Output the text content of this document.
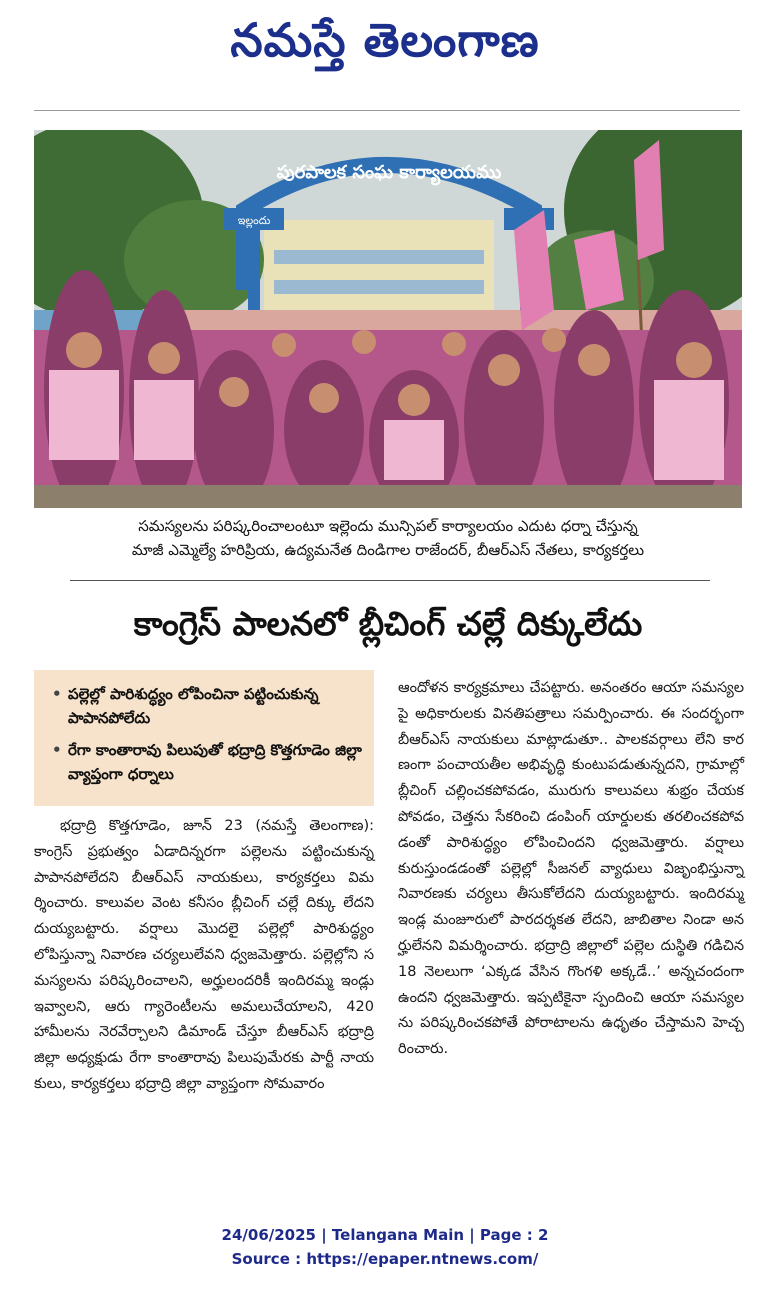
నమస్తే తెలంగాణ
పురపాలక సంఘ కార్యాలయము
ఇల్లందు
సమస్యలను పరిష్కరించాలంటూ ఇల్లెందు మున్సిపల్ కార్యాలయం ఎదుట ధర్నా చేస్తున్న
మాజీ ఎమ్మెల్యే హరిప్రియ, ఉద్యమనేత దిండిగాల రాజేందర్, బీఆర్ఎస్ నేతలు, కార్యకర్తలు
కాంగ్రెస్ పాలనలో బ్లీచింగ్ చల్లే దిక్కులేదు
• పల్లెల్లో పారిశుద్ధ్యం లోపించినా పట్టించుకున్న పాపానపోలేదు
• రేగా కాంతారావు పిలుపుతో భద్రాద్రి కొత్తగూడెం జిల్లా వ్యాప్తంగా ధర్నాలు
భద్రాద్రి కొత్తగూడెం, జూన్ 23 (నమస్తే తెలంగాణ): కాంగ్రెస్ ప్రభుత్వం ఏడాదిన్నరగా పల్లెలను పట్టించుకున్న పాపానపోలేదని బీఆర్ఎస్ నాయకులు, కార్యకర్తలు విమర్శించారు. కాలువల వెంట కనీసం బ్లీచింగ్ చల్లే దిక్కు లేదని దుయ్యబట్టారు. వర్షాలు మొదలై పల్లెల్లో పారిశుద్ధ్యం లోపిస్తున్నా నివారణ చర్యలులేవని ధ్వజమెత్తారు. పల్లెల్లోని సమస్యలను పరిష్కరించాలని, అర్హులందరికీ ఇందిరమ్మ ఇండ్లు ఇవ్వాలని, ఆరు గ్యారెంటీలను అమలుచేయాలని, 420 హామీలను నెరవేర్చాలని డిమాండ్ చేస్తూ బీఆర్ఎస్ భద్రాద్రి జిల్లా అధ్యక్షుడు రేగా కాంతారావు పిలుపుమేరకు పార్టీ నాయకులు, కార్యకర్తలు భద్రాద్రి జిల్లా వ్యాప్తంగా సోమవారం
ఆందోళన కార్యక్రమాలు చేపట్టారు. అనంతరం ఆయా సమస్యలపై అధికారులకు వినతిపత్రాలు సమర్పించారు. ఈ సందర్భంగా బీఆర్ఎస్ నాయకులు మాట్లాడుతూ.. పాలకవర్గాలు లేని కారణంగా పంచాయతీల అభివృద్ధి కుంటుపడుతున్నదని, గ్రామాల్లో బ్లీచింగ్ చల్లించకపోవడం, మురుగు కాలువలు శుభ్రం చేయకపోవడం, చెత్తను సేకరించి డంపింగ్ యార్డులకు తరలించకపోవడంతో పారిశుద్ధ్యం లోపించిందని ధ్వజమెత్తారు. వర్షాలు కురుస్తుండడంతో పల్లెల్లో సీజనల్ వ్యాధులు విజృంభిస్తున్నా నివారణకు చర్యలు తీసుకోలేదని దుయ్యబట్టారు. ఇందిరమ్మ ఇండ్ల మంజూరులో పారదర్శకత లేదని, జాబితాల నిండా అనర్హులేనని విమర్శించారు. భద్రాద్రి జిల్లాలో పల్లెల దుస్థితి గడిచిన 18 నెలలుగా ‘ఎక్కడ వేసిన గొంగళి అక్కడే..’ అన్నచందంగా ఉందని ధ్వజమెత్తారు. ఇప్పటికైనా స్పందించి ఆయా సమస్యలను పరిష్కరించకపోతే పోరాటాలను ఉధృతం చేస్తామని హెచ్చరించారు.
24/06/2025 | Telangana Main | Page : 2
Source : https://epaper.ntnews.com/
